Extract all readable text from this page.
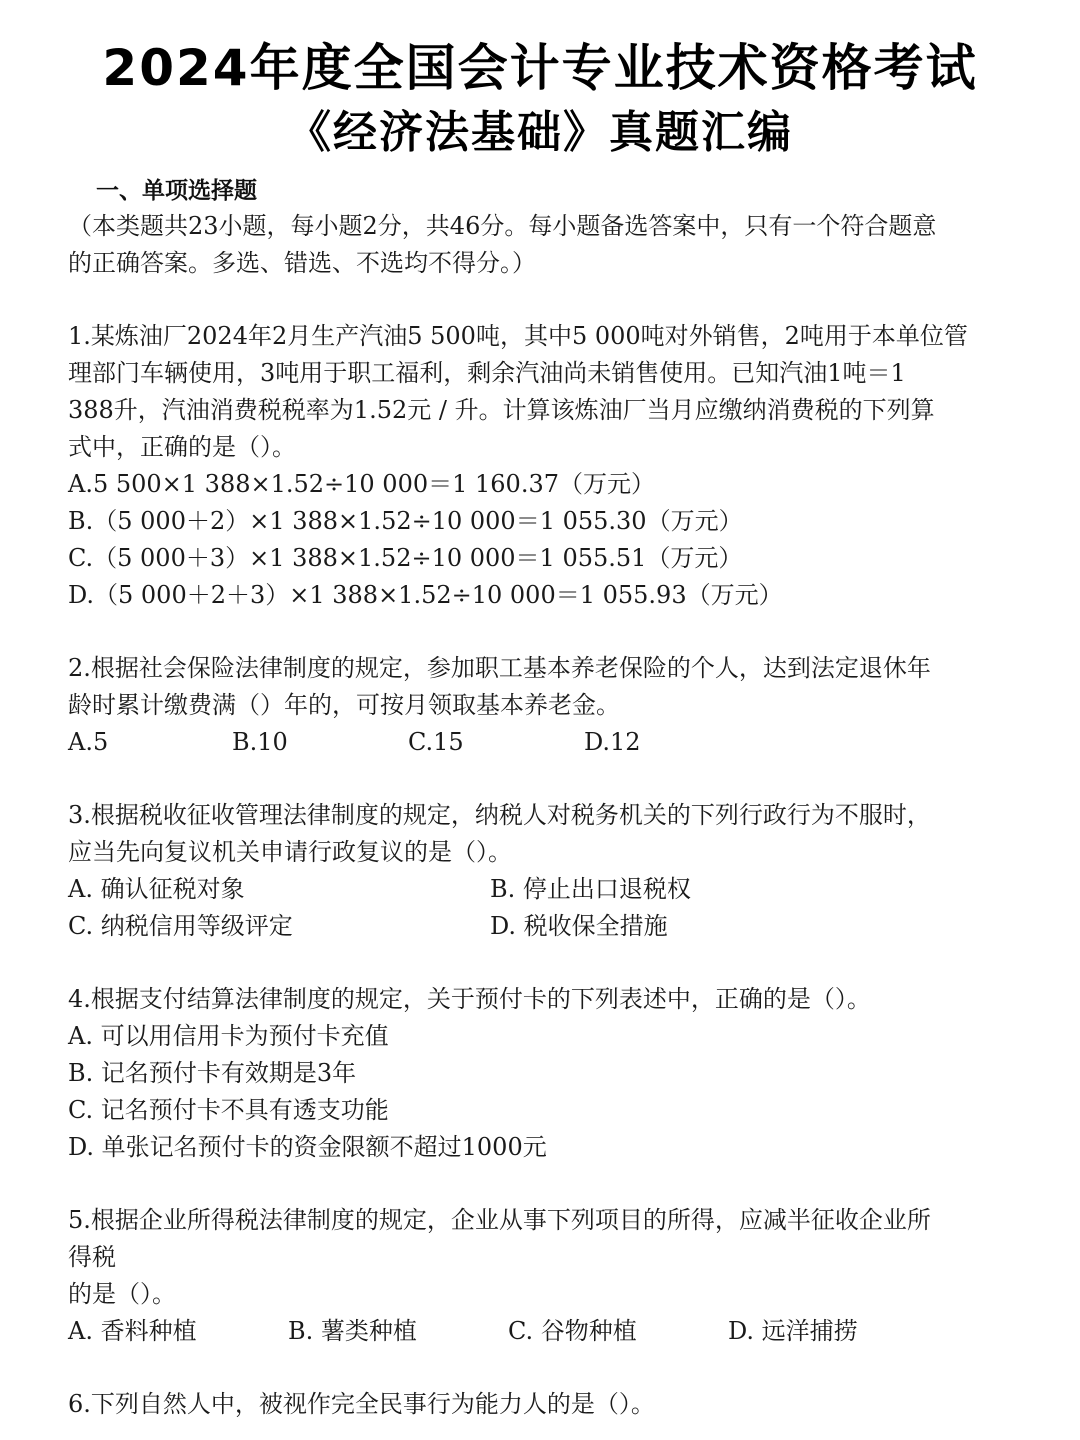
2024年度全国会计专业技术资格考试
《经济法基础》真题汇编
一、单项选择题
（本类题共23小题，每小题2分，共46分。每小题备选答案中，只有一个符合题意
的正确答案。多选、错选、不选均不得分。）
1.某炼油厂2024年2月生产汽油5 500吨，其中5 000吨对外销售，2吨用于本单位管
理部门车辆使用，3吨用于职工福利，剩余汽油尚未销售使用。已知汽油1吨＝1
388升，汽油消费税税率为1.52元 / 升。计算该炼油厂当月应缴纳消费税的下列算
式中，正确的是（）。
A.5 500×1 388×1.52÷10 000＝1 160.37（万元）
B.（5 000＋2）×1 388×1.52÷10 000＝1 055.30（万元）
C.（5 000＋3）×1 388×1.52÷10 000＝1 055.51（万元）
D.（5 000＋2＋3）×1 388×1.52÷10 000＝1 055.93（万元）
2.根据社会保险法律制度的规定，参加职工基本养老保险的个人，达到法定退休年
龄时累计缴费满（）年的，可按月领取基本养老金。
A.5	B.10	C.15	D.12
3.根据税收征收管理法律制度的规定，纳税人对税务机关的下列行政行为不服时，
应当先向复议机关申请行政复议的是（）。
A. 确认征税对象	B. 停止出口退税权
C. 纳税信用等级评定	D. 税收保全措施
4.根据支付结算法律制度的规定，关于预付卡的下列表述中，正确的是（）。
A. 可以用信用卡为预付卡充值
B. 记名预付卡有效期是3年
C. 记名预付卡不具有透支功能
D. 单张记名预付卡的资金限额不超过1000元
5.根据企业所得税法律制度的规定，企业从事下列项目的所得，应减半征收企业所
得税
的是（）。
A. 香料种植	B. 薯类种植	C. 谷物种植	D. 远洋捕捞
6.下列自然人中，被视作完全民事行为能力人的是（）。
